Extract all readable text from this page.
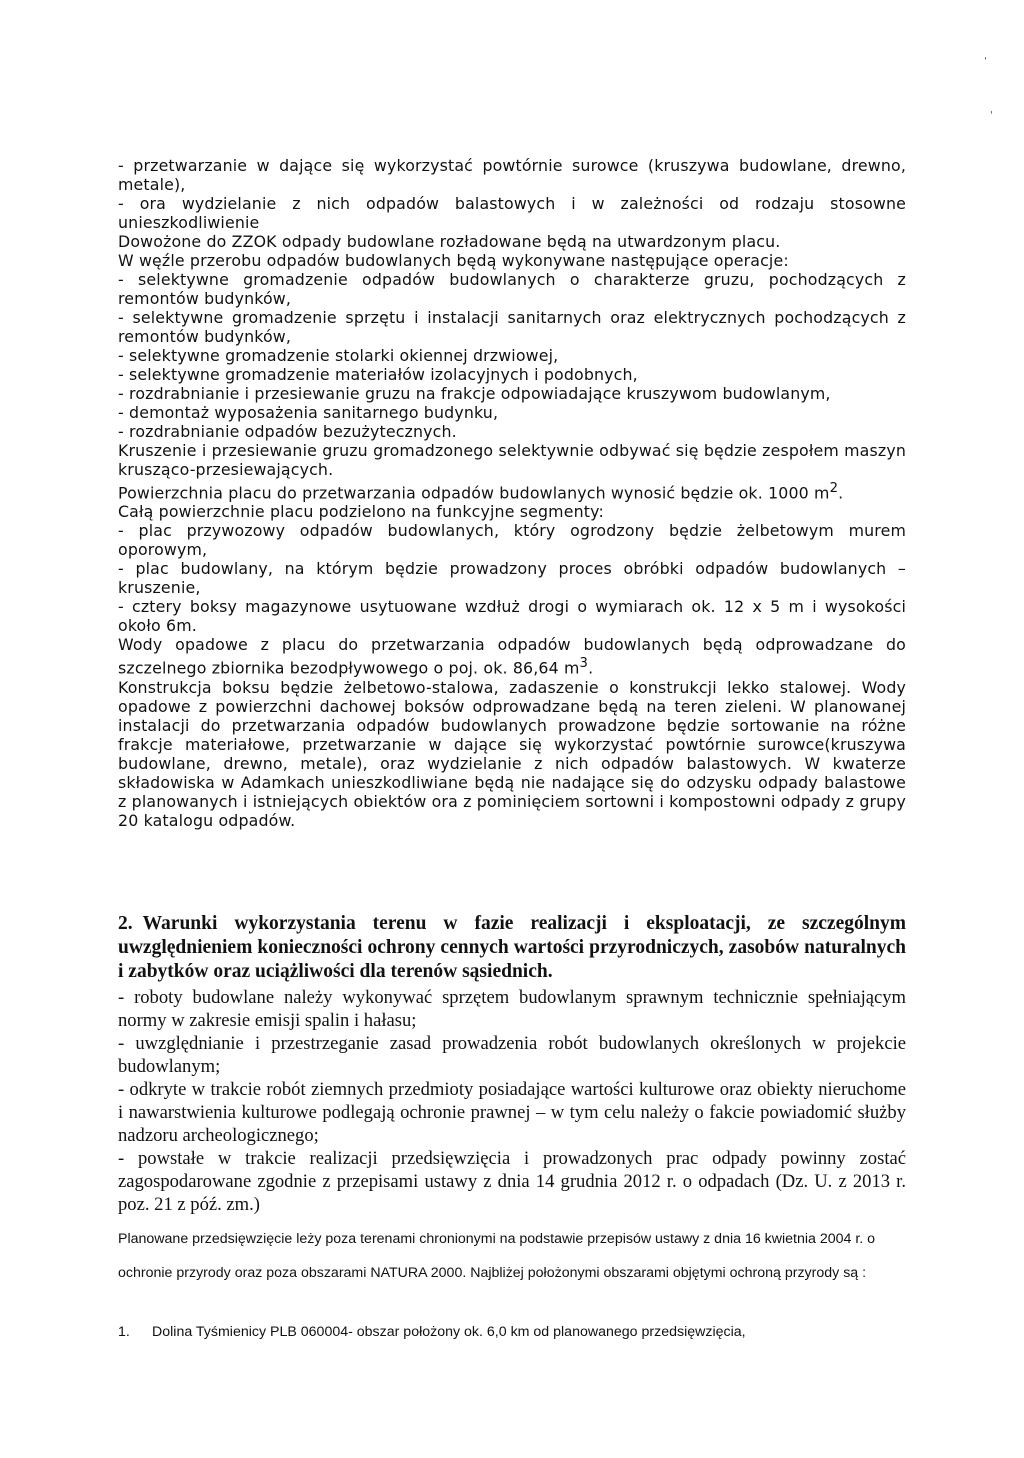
'
'

- przetwarzanie w dające się wykorzystać powtórnie surowce (kruszywa budowlane, drewno, metale),

- ora wydzielanie z nich odpadów balastowych i w zależności od rodzaju stosowne unieszkodliwienie

Dowożone do ZZOK odpady budowlane rozładowane będą na utwardzonym placu.

W węźle przerobu odpadów budowlanych będą wykonywane następujące operacje:

- selektywne gromadzenie odpadów budowlanych o charakterze gruzu, pochodzących z remontów budynków,

- selektywne gromadzenie sprzętu i instalacji sanitarnych oraz elektrycznych pochodzących z remontów budynków,

- selektywne gromadzenie stolarki okiennej drzwiowej,

- selektywne gromadzenie materiałów izolacyjnych i podobnych,

- rozdrabnianie i przesiewanie gruzu na frakcje odpowiadające kruszywom budowlanym,

- demontaż wyposażenia sanitarnego budynku,

- rozdrabnianie odpadów bezużytecznych.

Kruszenie i przesiewanie gruzu gromadzonego selektywnie odbywać się będzie zespołem maszyn krusząco-przesiewających.

Powierzchnia placu do przetwarzania odpadów budowlanych wynosić będzie ok. 1000 $m^2$.

Całą powierzchnie placu podzielono na funkcyjne segmenty:

- plac przywozowy odpadów budowlanych, który ogrodzony będzie żelbetowym murem oporowym,

- plac budowlany, na którym będzie prowadzony proces obróbki odpadów budowlanych – kruszenie,

- cztery boksy magazynowe usytuowane wzdłuż drogi o wymiarach ok. 12 x 5 m i wysokości około 6m.

Wody opadowe z placu do przetwarzania odpadów budowlanych będą odprowadzane do szczelnego zbiornika bezodpływowego o poj. ok. 86,64 $m^3$.

Konstrukcja boksu będzie żelbetowo-stalowa, zadaszenie o konstrukcji lekko stalowej. Wody opadowe z powierzchni dachowej boksów odprowadzane będą na teren zieleni. W planowanej instalacji do przetwarzania odpadów budowlanych prowadzone będzie sortowanie na różne frakcje materiałowe, przetwarzanie w dające się wykorzystać powtórnie surowce(kruszywa budowlane, drewno, metale), oraz wydzielanie z nich odpadów balastowych. W kwaterze składowiska w Adamkach unieszkodliwiane będą nie nadające się do odzysku odpady balastowe z planowanych i istniejących obiektów ora z pominięciem sortowni i kompostowni odpady z grupy 20 katalogu odpadów.

2. Warunki wykorzystania terenu w fazie realizacji i eksploatacji, ze szczególnym uwzględnieniem konieczności ochrony cennych wartości przyrodniczych, zasobów naturalnych i zabytków oraz uciążliwości dla terenów sąsiednich.

- roboty budowlane należy wykonywać sprzętem budowlanym sprawnym technicznie spełniającym normy w zakresie emisji spalin i hałasu;

- uwzględnianie i przestrzeganie zasad prowadzenia robót budowlanych określonych w projekcie budowlanym;

- odkryte w trakcie robót ziemnych przedmioty posiadające wartości kulturowe oraz obiekty nieruchome i nawarstwienia kulturowe podlegają ochronie prawnej – w tym celu należy o fakcie powiadomić służby nadzoru archeologicznego;

- powstałe w trakcie realizacji przedsięwzięcia i prowadzonych prac odpady powinny zostać zagospodarowane zgodnie z przepisami ustawy z dnia 14 grudnia 2012 r. o odpadach (Dz. U. z 2013 r. poz. 21 z póź. zm.)

Planowane przedsięwzięcie leży poza terenami chronionymi na podstawie przepisów ustawy z dnia 16 kwietnia 2004 r. o ochronie przyrody oraz poza obszarami NATURA 2000. Najbliżej położonymi obszarami objętymi ochroną przyrody są :

1. Dolina Tyśmienicy PLB 060004- obszar położony ok. 6,0 km od planowanego przedsięwzięcia,
